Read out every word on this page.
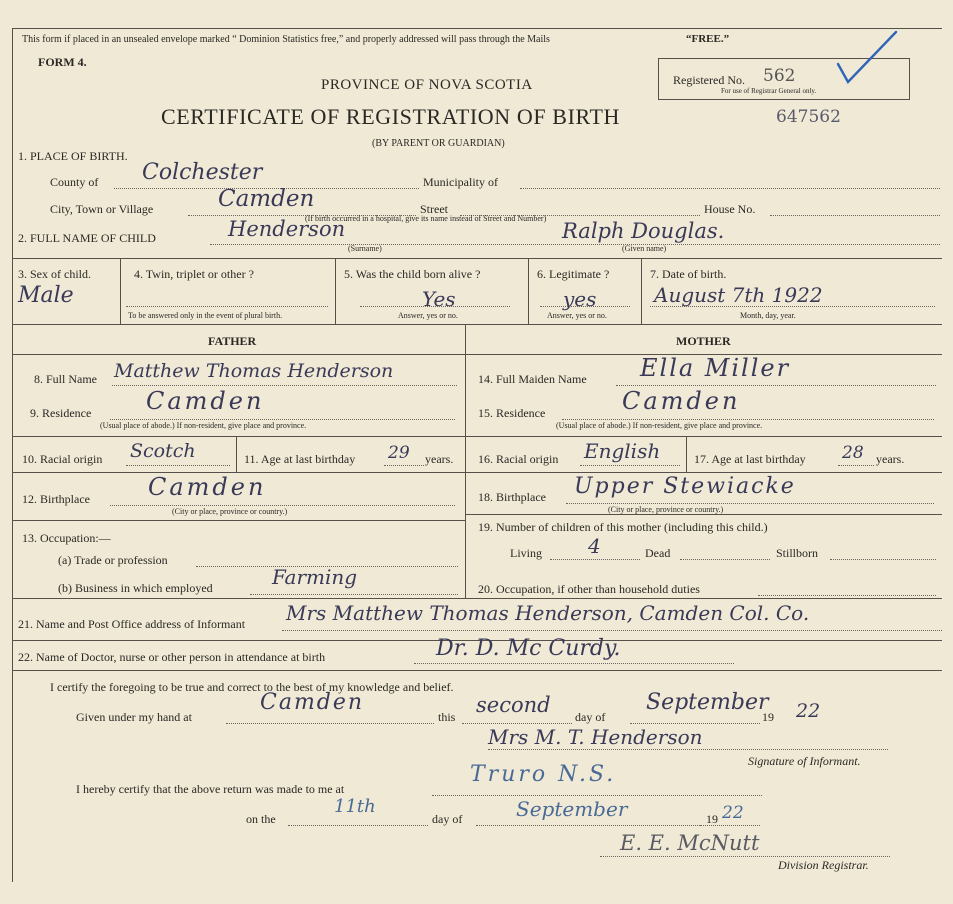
This form if placed in an unsealed envelope marked “ Dominion Statistics free,” and properly addressed will pass through the Mails	“FREE.”
FORM 4.
PROVINCE OF NOVA SCOTIA
CERTIFICATE OF REGISTRATION OF BIRTH	647562
(BY PARENT OR GUARDIAN)
Registered No. 562
For use of Registrar General only.
1. PLACE OF BIRTH.
County of Colchester	Municipality of
City, Town or Village	Camden	Street	House No.
(If birth occurred in a hospital, give its name instead of Street and Number)
2. FULL NAME OF CHILD	Henderson
(Surname)
Ralph Douglas.
(Given name)
3. Sex of child.
Male
4. Twin, triplet or other ?
To be answered only in the event of plural birth.
5. Was the child born alive ?
Yes
Answer, yes or no.
6. Legitimate ?
yes
Answer, yes or no.
7. Date of birth.
August 7th 1922
Month, day, year.
FATHER	MOTHER
8. Full Name Matthew Thomas Henderson
9. Residence Camden
(Usual place of abode.) If non-resident, give place and province.
10. Racial origin Scotch	11. Age at last birthday 29 years.
12. Birthplace Camden
(City or place, province or country.)
13. Occupation:—
(a) Trade or profession
(b) Business in which employed	Farming
14. Full Maiden Name Ella Miller
15. Residence	Camden
(Usual place of abode.) If non-resident, give place and province.
16. Racial origin English	17. Age at last birthday 28 years.
18. Birthplace Upper Stewiacke
(City or place, province or country.)
19. Number of children of this mother (including this child.)
Living 4	Dead	Stillborn
20. Occupation, if other than household duties
21. Name and Post Office address of Informant Mrs Matthew Thomas Henderson, Camden Col. Co.
22. Name of Doctor, nurse or other person in attendance at birth	Dr. D. Mc Curdy.
I certify the foregoing to be true and correct to the best of my knowledge and belief.
Given under my hand at
Camden
this second day of
September
19 22
Mrs M. T. Henderson
Signature of Informant.
I hereby certify that the above return was made to me at
Truro N.S.
on the
11th
day of	September	19 22
E. E. McNutt
Division Registrar.
